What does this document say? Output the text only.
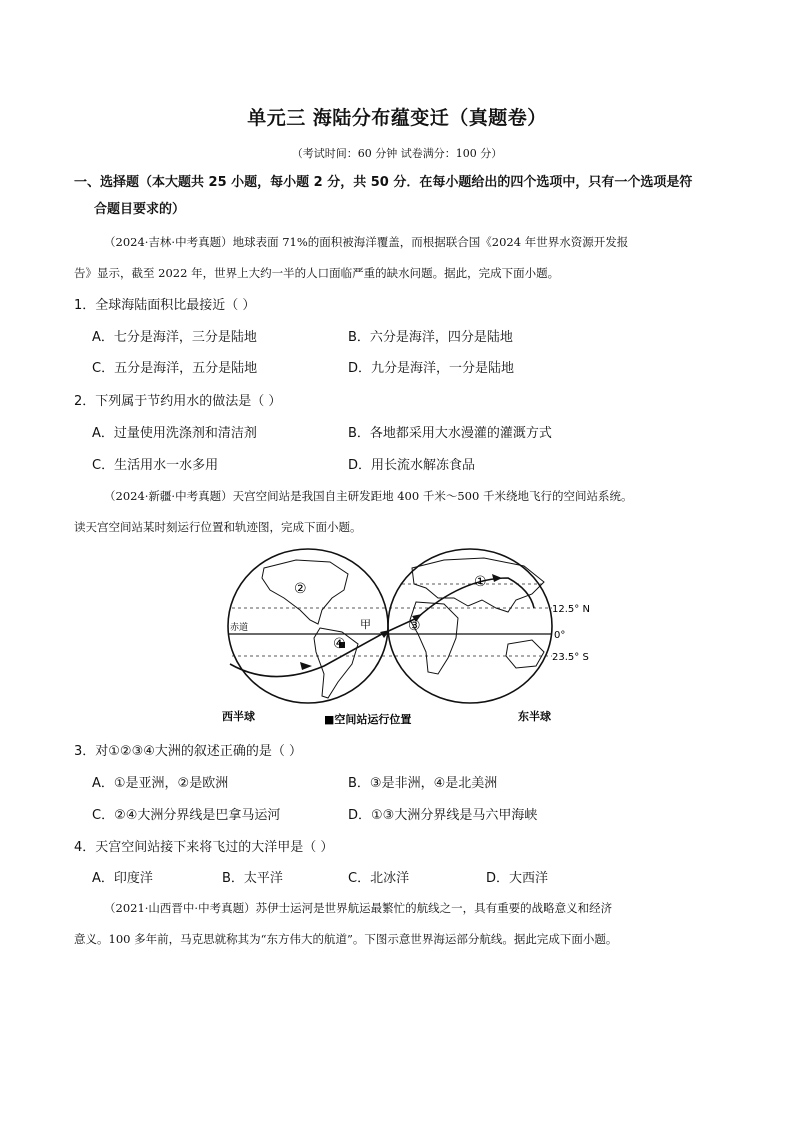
单元三 海陆分布蕴变迁（真题卷）
（考试时间：60 分钟 试卷满分：100 分）
一、选择题（本大题共 25 小题，每小题 2 分，共 50 分．在每小题给出的四个选项中，只有一个选项是符
合题目要求的）
（2024·吉林·中考真题）地球表面 71%的面积被海洋覆盖，而根据联合国《2024 年世界水资源开发报
告》显示，截至 2022 年，世界上大约一半的人口面临严重的缺水问题。据此，完成下面小题。
1．全球海陆面积比最接近（ ）
A．七分是海洋，三分是陆地	B．六分是海洋，四分是陆地
C．五分是海洋，五分是陆地	D．九分是海洋，一分是陆地
2．下列属于节约用水的做法是（ ）
A．过量使用洗涤剂和清洁剂	B．各地都采用大水漫灌的灌溉方式
C．生活用水一水多用	D．用长流水解冻食品
（2024·新疆·中考真题）天宫空间站是我国自主研发距地 400 千米～500 千米绕地飞行的空间站系统。
读天宫空间站某时刻运行位置和轨迹图，完成下面小题。
赤道	甲
②
④
①
③
12.5° N
0°
23.5° S
西半球	■空间站运行位置	东半球
3．对①②③④大洲的叙述正确的是（ ）
A．①是亚洲，②是欧洲	B．③是非洲，④是北美洲
C．②④大洲分界线是巴拿马运河	D．①③大洲分界线是马六甲海峡
4．天宫空间站接下来将飞过的大洋甲是（ ）
A．印度洋	B．太平洋	C．北冰洋	D．大西洋
（2021·山西晋中·中考真题）苏伊士运河是世界航运最繁忙的航线之一，具有重要的战略意义和经济
意义。100 多年前，马克思就称其为“东方伟大的航道”。下图示意世界海运部分航线。据此完成下面小题。
